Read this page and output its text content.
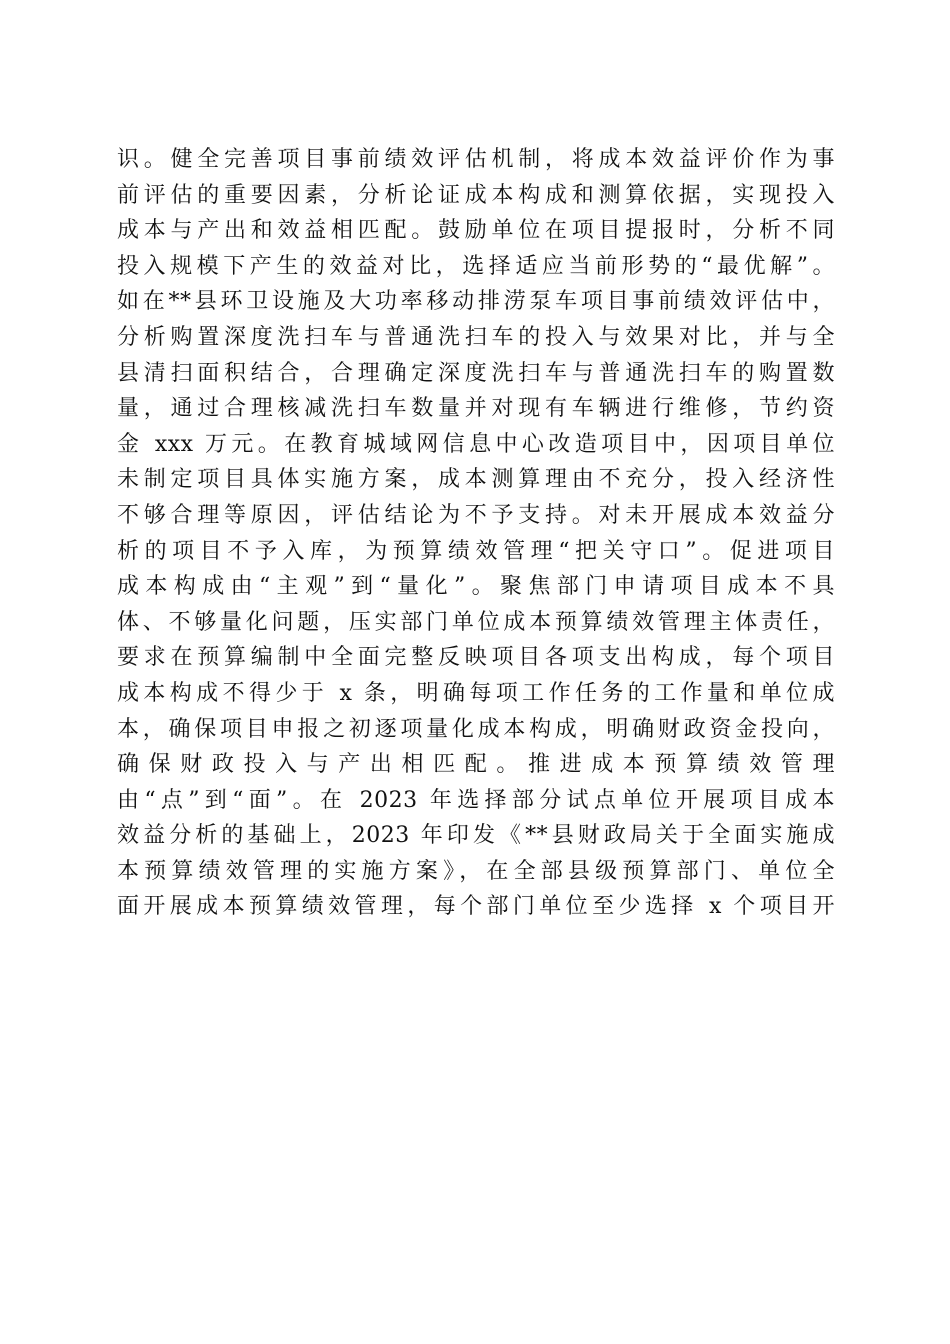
识。健全完善项目事前绩效评估机制，将成本效益评价作为事
前评估的重要因素，分析论证成本构成和测算依据，实现投入
成本与产出和效益相匹配。鼓励单位在项目提报时，分析不同
投入规模下产生的效益对比，选择适应当前形势的“最优解”。
如在**县环卫设施及大功率移动排涝泵车项目事前绩效评估中，
分析购置深度洗扫车与普通洗扫车的投入与效果对比，并与全
县清扫面积结合，合理确定深度洗扫车与普通洗扫车的购置数
量，通过合理核减洗扫车数量并对现有车辆进行维修，节约资
金 xxx 万元。在教育城域网信息中心改造项目中，因项目单位
未制定项目具体实施方案，成本测算理由不充分，投入经济性
不够合理等原因，评估结论为不予支持。对未开展成本效益分
析的项目不予入库，为预算绩效管理“把关守口”。促进项目
成本构成由“主观”到“量化”。聚焦部门申请项目成本不具
体、不够量化问题，压实部门单位成本预算绩效管理主体责任，
要求在预算编制中全面完整反映项目各项支出构成，每个项目
成本构成不得少于 x 条，明确每项工作任务的工作量和单位成
本，确保项目申报之初逐项量化成本构成，明确财政资金投向，
确保财政投入与产出相匹配。推进成本预算绩效管理
由“点”到“面”。在 2023 年选择部分试点单位开展项目成本
效益分析的基础上，2023 年印发《**县财政局关于全面实施成
本预算绩效管理的实施方案》，在全部县级预算部门、单位全
面开展成本预算绩效管理，每个部门单位至少选择 x 个项目开
